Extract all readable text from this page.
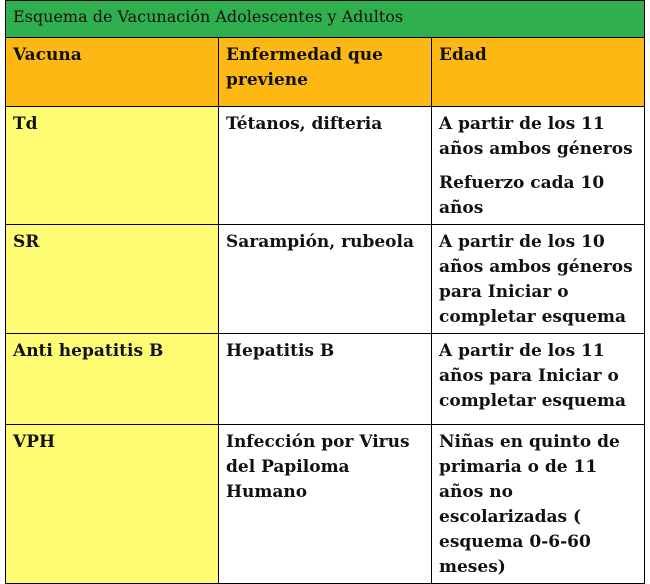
Esquema de Vacunación Adolescentes y Adultos		
Vacuna	Enfermedad que previene	Edad
Td	Tétanos, difteria	A partir de los 11 años ambos géneros
Refuerzo cada 10 años

SR	Sarampión, rubeola	A partir de los 10 años ambos géneros para Iniciar o completar esquema
Anti hepatitis B	Hepatitis B	A partir de los 11 años para Iniciar o completar esquema
VPH	Infección por Virus del Papiloma Humano	Niñas en quinto de primaria o de 11 años no escolarizadas ( esquema 0-6-60 meses)
